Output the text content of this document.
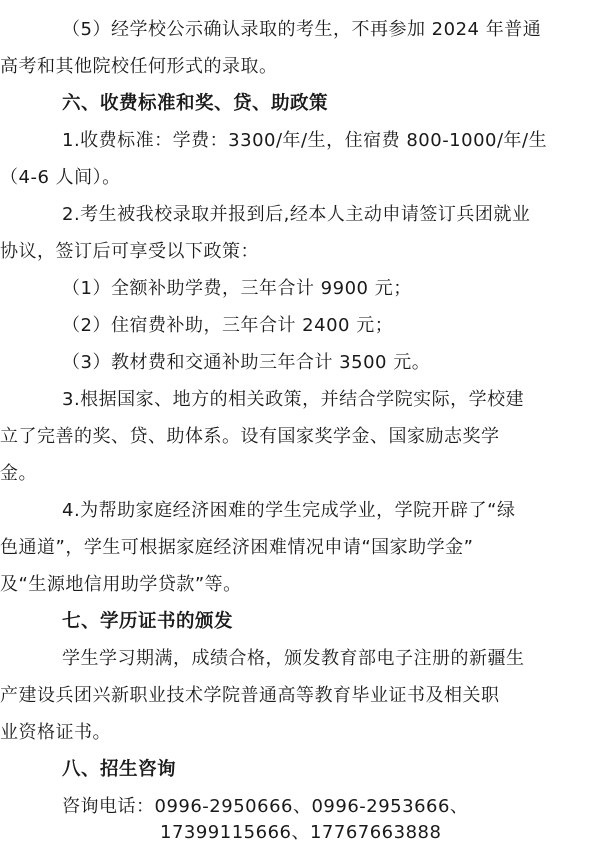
（5）经学校公示确认录取的考生，不再参加 2024 年普通
高考和其他院校任何形式的录取。
六、收费标准和奖、贷、助政策
1.收费标准：学费：3300/年/生，住宿费 800-1000/年/生
（4-6 人间）。
2.考生被我校录取并报到后,经本人主动申请签订兵团就业
协议，签订后可享受以下政策：
（1）全额补助学费，三年合计 9900 元；
（2）住宿费补助，三年合计 2400 元；
（3）教材费和交通补助三年合计 3500 元。
3.根据国家、地方的相关政策，并结合学院实际，学校建
立了完善的奖、贷、助体系。设有国家奖学金、国家励志奖学
金。
4.为帮助家庭经济困难的学生完成学业，学院开辟了“绿
色通道”，学生可根据家庭经济困难情况申请“国家助学金”
及“生源地信用助学贷款”等。
七、学历证书的颁发
学生学习期满，成绩合格，颁发教育部电子注册的新疆生
产建设兵团兴新职业技术学院普通高等教育毕业证书及相关职
业资格证书。
八、招生咨询
咨询电话：0996-2950666、0996-2953666、
17399115666、17767663888
